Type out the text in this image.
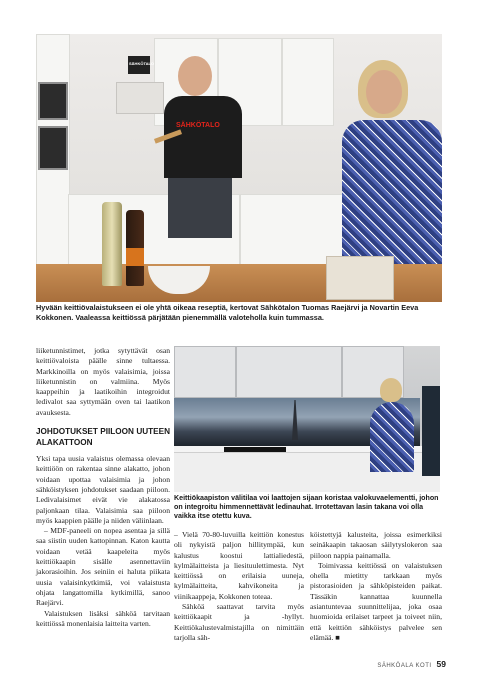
SÄHKÖTALO
SÄHKÖTALO
Hyvään keittiövalaistukseen ei ole yhtä oikeaa reseptiä, kertovat Sähkötalon Tuomas Raejärvi ja Novartin Eeva Kokkonen. Vaaleassa keittiössä pärjätään pienemmällä valoteholla kuin tummassa.

liiketunnistimet, jotka sytyttävät osan keittiövaloista päälle sinne tultaessa. Markkinoilla on myös valaisimia, joissa liiketunnistin on valmiina. Myös kaappeihin ja laatikoihin integroidut ledivalot saa syttymään oven tai laatikon avauksesta.

JOHDOTUKSET PIILOON UUTEEN ALAKATTOON

Yksi tapa uusia valaistus olemassa olevaan keittiöön on rakentaa sinne alakatto, johon voidaan upottaa valaisimia ja johon sähköistyksen johdotukset saadaan piiloon. Ledivalaisimet eivät vie alakatossa paljonkaan tilaa. Valaisimia saa piiloon myös kaappien päälle ja niiden väliinlaan.

– MDF-paneeli on nopea asentaa ja sillä saa siistin uuden kattopinnan. Katon kautta voidaan vetää kaapeleita myös keittiökaapin sisälle asennettaviin jakorasioihin. Jos seiniin ei haluta piikata uusia valaisinkytkimiä, voi valaistusta ohjata langattomilla kytkimillä, sanoo Raejärvi.

Valaistuksen lisäksi sähköä tarvitaan keittiössä monenlaisia laitteita varten.

Keittiökaapiston välitilaa voi laattojen sijaan koristaa valokuvaelementti, johon on integroitu himmennettävät ledinauhat. Irrotettavan lasin takana voi olla vaikka itse otettu kuva.

– Vielä 70-80-luvuilla keittiön konestus oli nykyistä paljon hillitympää, kun kalustus koostui lattialiedestä, kylmälaitteista ja liesituulettimesta. Nyt keittiössä on erilaisia uuneja, kylmälaitteita, kahvikoneita ja viinikaappeja, Kokkonen toteaa.

Sähköä saattavat tarvita myös keittiökaapit ja -hyllyt. Keittiökalustevalmistajilla on nimittäin tarjolla säh-

köistettyjä kalusteita, joissa esimerkiksi seinäkaapin takaosan säilytyslokeron saa piiloon nappia painamalla.

Toimivassa keittiössä on valaistuksen ohella mietitty tarkkaan myös pistorasioiden ja sähköpisteiden paikat. Tässäkin kannattaa kuunnella asiantuntevaa suunnittelijaa, joka osaa huomioida erilaiset tarpeet ja toiveet niin, että keittiön sähköistys palvelee sen elämää. ■

SÄHKÖALA KOTI 59
